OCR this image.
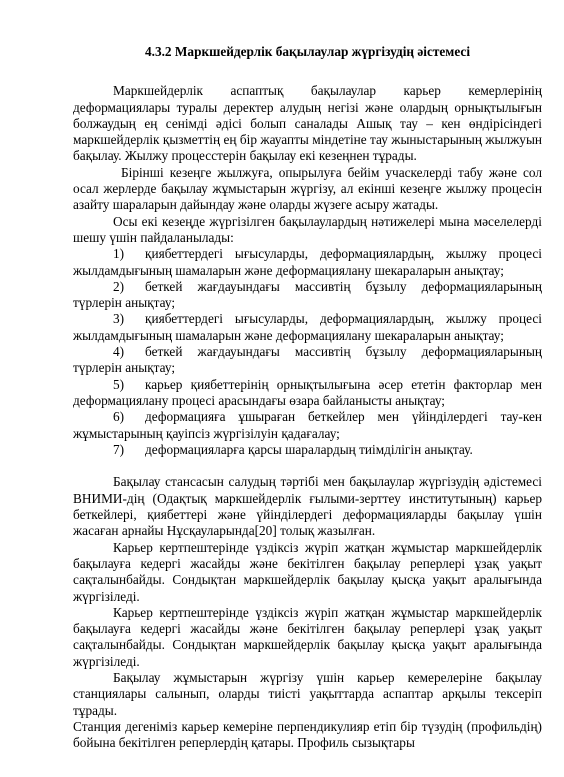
4.3.2 Маркшейдерлік бақылаулар жүргізудің әістемесі

Маркшейдерлік аспаптық бақылаулар карьер кемерлерінің деформациялары туралы деректер алудың негізі және олардың орнықтылығын болжаудың ең сенімді әдісі болып саналады Ашық тау – кен өндірісіндегі маркшейдерлік қызметтің ең бір жауапты міндетіне тау жыныстарының жылжуын бақылау. Жылжу процесстерін бақылау екі кезеңнен тұрады.

Бірінші кезеңге жылжуға, опырылуға бейім учаскелерді табу және сол осал жерлерде бақылау жұмыстарын жүргізу, ал екінші кезеңге жылжу процесін азайту шараларын дайындау және оларды жүзеге асыру жатады.

Осы екі кезеңде жүргізілген бақылаулардың нәтижелері мына мәселелерді шешу үшін пайдаланылады:

1) қиябеттердегі ығысуларды, деформациялардың, жылжу процесі жылдамдығының шамаларын және деформациялану шекараларын анықтау;

2) беткей жағдауындағы массивтің бұзылу деформацияларының түрлерін анықтау;

3) қиябеттердегі ығысуларды, деформациялардың, жылжу процесі жылдамдығының шамаларын және деформациялану шекараларын анықтау;

4) беткей жағдауындағы массивтің бұзылу деформацияларының түрлерін анықтау;

5) карьер қиябеттерінің орнықтылығына әсер ететін факторлар мен деформациялану процесі арасындағы өзара байланысты анықтау;

6) деформацияға ұшыраған беткейлер мен үйінділердегі тау-кен жұмыстарының қауіпсіз жүргізілуін қадағалау;

7) деформацияларға қарсы шаралардың тиімділігін анықтау.

Бақылау стансасын салудың тәртібі мен бақылаулар жүргізудің әдістемесі ВНИМИ-дің (Одақтық маркшейдерлік ғылыми-зерттеу институтының) карьер беткейлері, қиябеттері және үйінділердегі деформацияларды бақылау үшін жасаған арнайы Нұсқауларында[20] толық жазылған.

Карьер кертпештерінде үздіксіз жүріп жатқан жұмыстар маркшейдерлік бақылауға кедергі жасайды және бекітілген бақылау реперлері ұзақ уақыт сақталынбайды. Сондықтан маркшейдерлік бақылау қысқа уақыт аралығында жүргізіледі.

Карьер кертпештерінде үздіксіз жүріп жатқан жұмыстар маркшейдерлік бақылауға кедергі жасайды және бекітілген бақылау реперлері ұзақ уақыт сақталынбайды. Сондықтан маркшейдерлік бақылау қысқа уақыт аралығында жүргізіледі.

Бақылау жұмыстарын жүргізу үшін карьер кемерелеріне бақылау станциялары салынып, оларды тиісті уақыттарда аспаптар арқылы тексеріп тұрады.

Станция дегеніміз карьер кемеріне перпендикулияр етіп бір түзудің (профильдің) бойына бекітілген реперлердің қатары. Профиль сызықтары
